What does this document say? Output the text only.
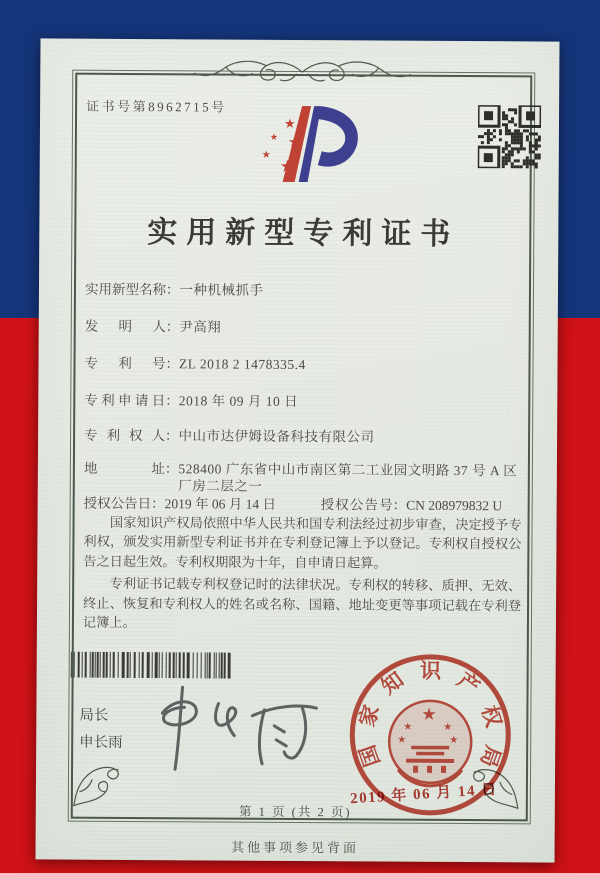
证书号第8962715号
★
★ ★
★
★
实用新型专利证书
实用新型名称 ： 一种机械抓手
发明人 ： 尹高翔
专利号 ： ZL 2018 2 1478335.4
专利申请日 ： 2018 年 09 月 10 日
专利权人 ： 中山市达伊姆设备科技有限公司
地址 ： 528400 广东省中山市南区第二工业园文明路 37 号 A 区厂房二层之一
授权公告日 ： 2019 年 06 月 14 日	授权公告号 ： CN 208979832 U

国家知识产权局依照中华人民共和国专利法经过初步审查，决定授予专利权，颁发实用新型专利证书并在专利登记簿上予以登记。专利权自授权公告之日起生效。专利权期限为十年，自申请日起算。

专利证书记载专利权登记时的法律状况。专利权的转移、质押、无效、终止、恢复和专利权人的姓名或名称、国籍、地址变更等事项记载在专利登记簿上。

局长
申长雨	国家知识产权局
★
★	★
★	★
2019 年 06 月 14 日
第 1 页 (共 2 页)
其他事项参见背面
